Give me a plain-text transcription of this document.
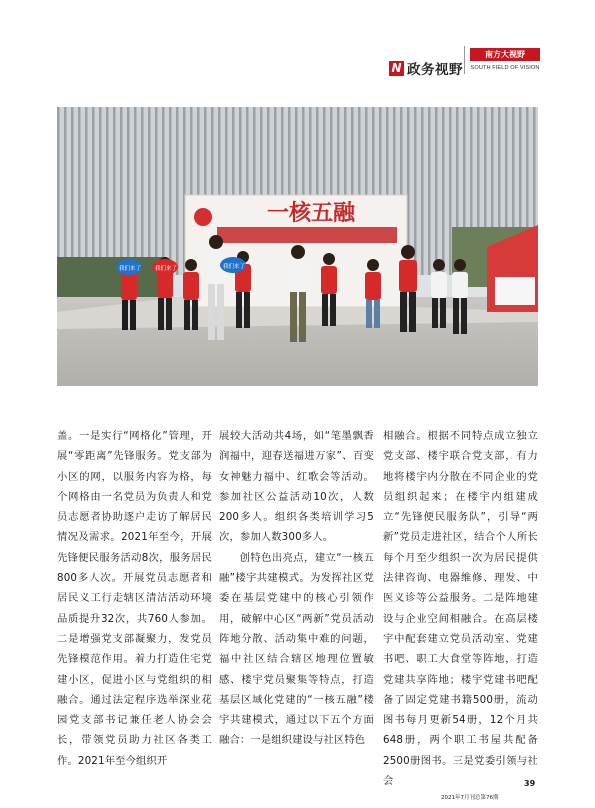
N 政务视野
南方大视野
SOUTH FIELD OF VISION
一核五融
我们来了	我们来了	我们来了

盖。一是实行“网格化”管理，开展“零距离”先锋服务。党支部为小区的网，以服务内容为格，每个网格由一名党员为负责人和党员志愿者协助逐户走访了解居民情况及需求。2021年至今，开展先锋便民服务活动8次，服务居民800多人次。开展党员志愿者和居民义工行走辖区清洁活动环境品质提升32次，共760人参加。二是增强党支部凝聚力，发党员先锋模范作用。着力打造住宅党建小区，促进小区与党组织的相融合。通过法定程序选举深业花园党支部书记兼任老人协会会长，带领党员助力社区各类工作。2021年至今组织开

展较大活动共4场，如“笔墨飘香润福中，迎春送福进万家”、百变女神魅力福中、红歌会等活动。参加社区公益活动10次，人数200多人。组织各类培训学习5次，参加人数300多人。

创特色出亮点，建立“一核五融”楼宇共建模式。为发挥社区党委在基层党建中的核心引领作用，破解中心区“两新”党员活动阵地分散、活动集中难的问题，福中社区结合辖区地理位置敏感、楼宇党员聚集等特点，打造基层区域化党建的“一核五融”楼宇共建模式，通过以下五个方面融合：一是组织建设与社区特色

相融合。根据不同特点成立独立党支部、楼宇联合党支部，有力地将楼宇内分散在不同企业的党员组织起来；在楼宇内组建成立“先锋便民服务队”，引导“两新”党员走进社区，结合个人所长每个月至少组织一次为居民提供法律咨询、电器维修、理发、中医义诊等公益服务。二是阵地建设与企业空间相融合。在高层楼宇中配套建立党员活动室、党建书吧、职工大食堂等阵地，打造党建共享阵地；楼宇党建书吧配备了固定党建书籍500册，流动图书每月更新54册，12个月共648册，两个职工书屋共配备2500册图书。三是党委引领与社会	39
2021年7月刊总第76期
